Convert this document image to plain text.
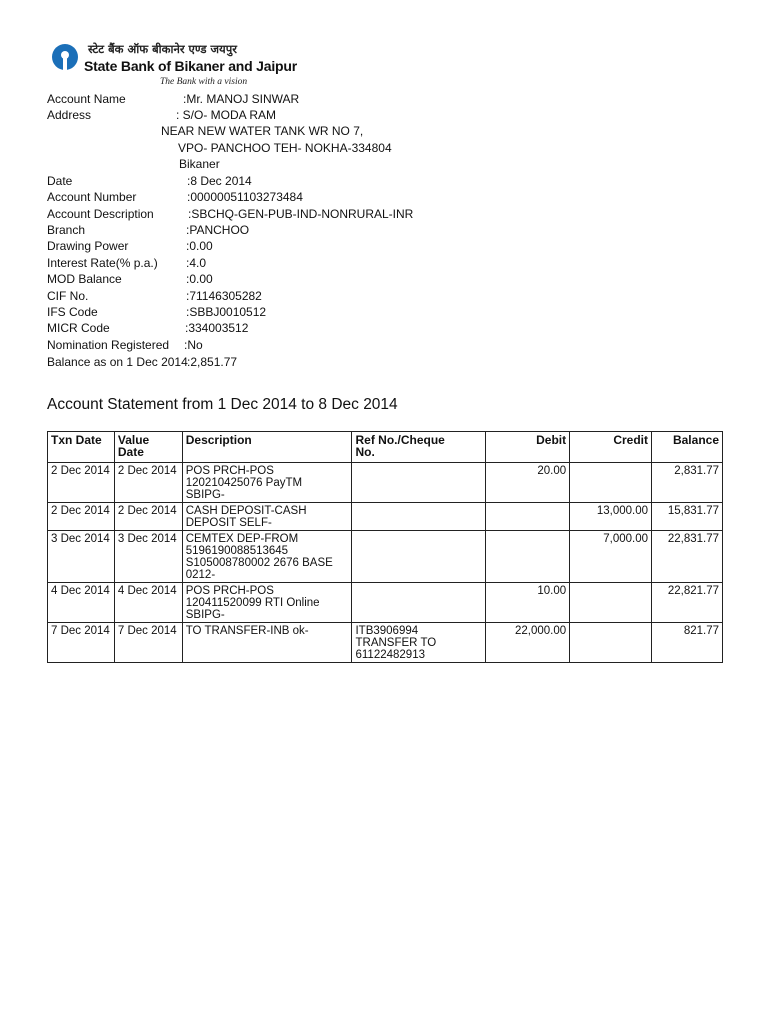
स्टेट बैंक ऑफ बीकानेर एण्ड जयपुर
State Bank of Bikaner and Jaipur
The Bank with a vision
Account Name	:Mr. MANOJ SINWAR
Address	: S/O- MODA RAM
NEAR NEW WATER TANK WR NO 7,
VPO- PANCHOO TEH- NOKHA-334804
Bikaner
Date	:8 Dec 2014
Account Number	:00000051103273484
Account Description	:SBCHQ-GEN-PUB-IND-NONRURAL-INR
Branch	:PANCHOO
Drawing Power	:0.00
Interest Rate(% p.a.) :4.0
MOD Balance	:0.00
CIF No.	:71146305282
IFS Code	:SBBJ0010512
MICR Code	:334003512
Nomination Registered :No
Balance as on 1 Dec 2014 :2,851.77
Account Statement from 1 Dec 2014 to 8 Dec 2014
Txn Date	Value
Date	Description	Ref No./Cheque
No.	Debit	Credit	Balance
2 Dec 2014	2 Dec 2014	POS PRCH-POS
120210425076 PayTM
SBIPG-		20.00		2,831.77
2 Dec 2014	2 Dec 2014	CASH DEPOSIT-CASH
DEPOSIT SELF-			13,000.00	15,831.77
3 Dec 2014	3 Dec 2014	CEMTEX DEP-FROM
5196190088513645
S105008780002 2676 BASE
0212-			7,000.00	22,831.77
4 Dec 2014	4 Dec 2014	POS PRCH-POS
120411520099 RTI Online
SBIPG-		10.00		22,821.77
7 Dec 2014	7 Dec 2014	TO TRANSFER-INB ok-	ITB3906994
TRANSFER TO
61122482913	22,000.00		821.77
